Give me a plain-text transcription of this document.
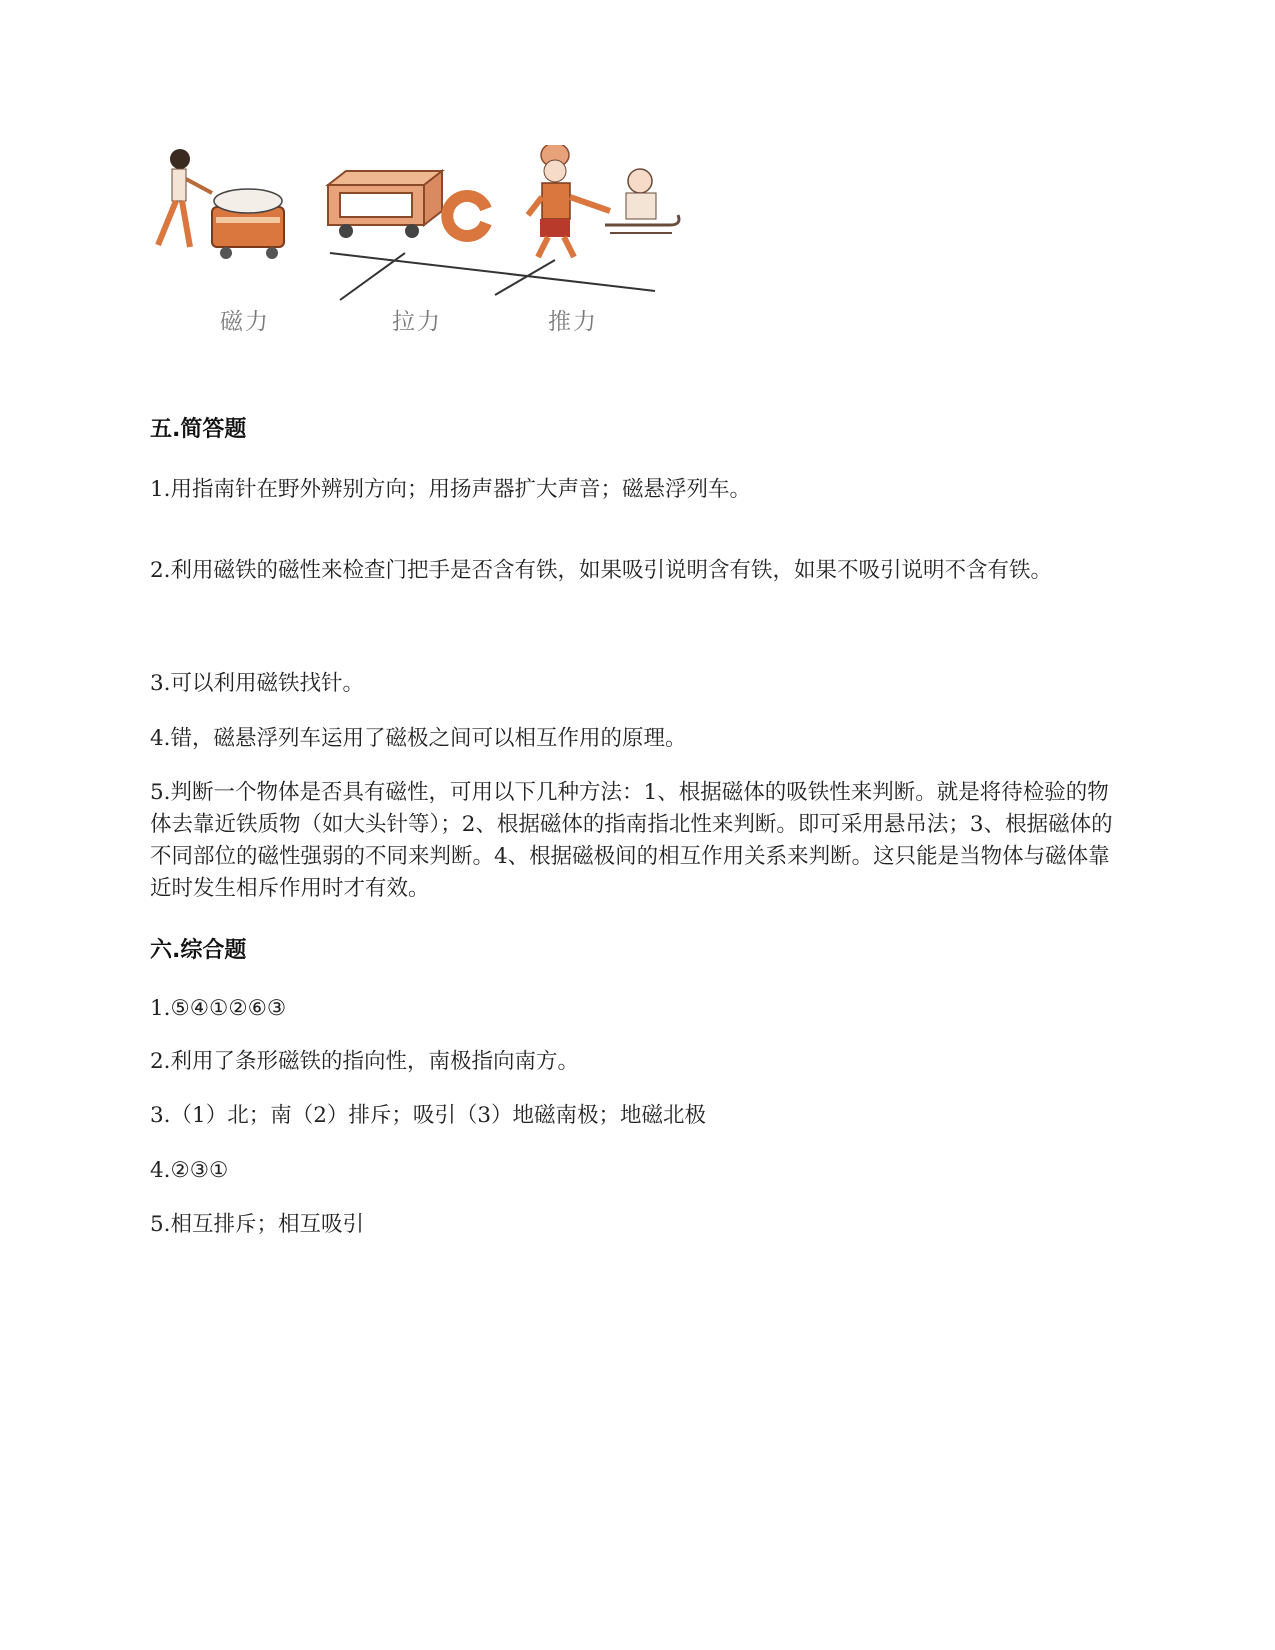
磁力	拉力	推力
五.简答题
1.用指南针在野外辨别方向；用扬声器扩大声音；磁悬浮列车。
2.利用磁铁的磁性来检查门把手是否含有铁，如果吸引说明含有铁，如果不吸引说明不含有铁。
3.可以利用磁铁找针。
4.错，磁悬浮列车运用了磁极之间可以相互作用的原理。
5.判断一个物体是否具有磁性，可用以下几种方法：1、根据磁体的吸铁性来判断。就是将待检验的物体去靠近铁质物（如大头针等）；2、根据磁体的指南指北性来判断。即可采用悬吊法；3、根据磁体的不同部位的磁性强弱的不同来判断。4、根据磁极间的相互作用关系来判断。这只能是当物体与磁体靠近时发生相斥作用时才有效。
六.综合题
1.⑤④①②⑥③
2.利用了条形磁铁的指向性，南极指向南方。
3.（1）北；南（2）排斥；吸引（3）地磁南极；地磁北极
4.②③①
5.相互排斥；相互吸引
